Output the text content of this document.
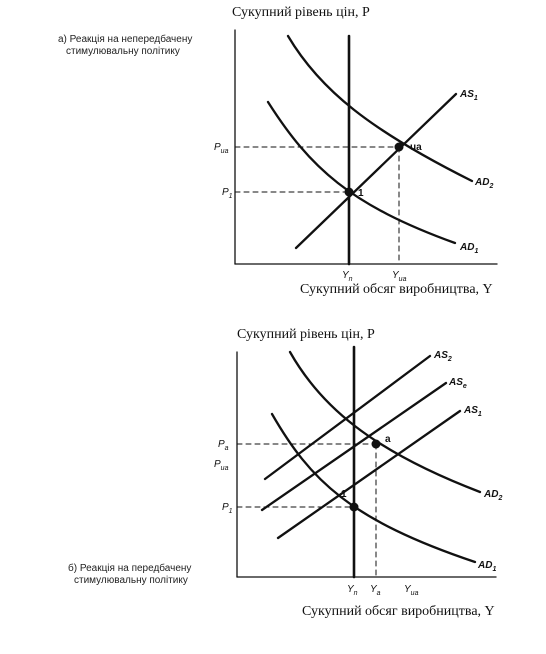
а) Реакція на непередбачену
стимулювальну політику
б) Реакція на передбачену
стимулювальну політику
Сукупний рівень цін, P
Сукупний обсяг виробництва, Y
Сукупний рівень цін, P
Сукупний обсяг виробництва, Y
$AS_1$
$AD_2$
$AD_1$
ua
1
$P_{ua}$
$P_1$
$Y_n$	$Y_{ua}$
$AS_2$
$AS_e$
$AS_1$
$AD_2$
$AD_1$
a
1
$P_a$
$P_{ua}$
$P_1$
$Y_n$ $Y_a$ $Y_{ua}$
